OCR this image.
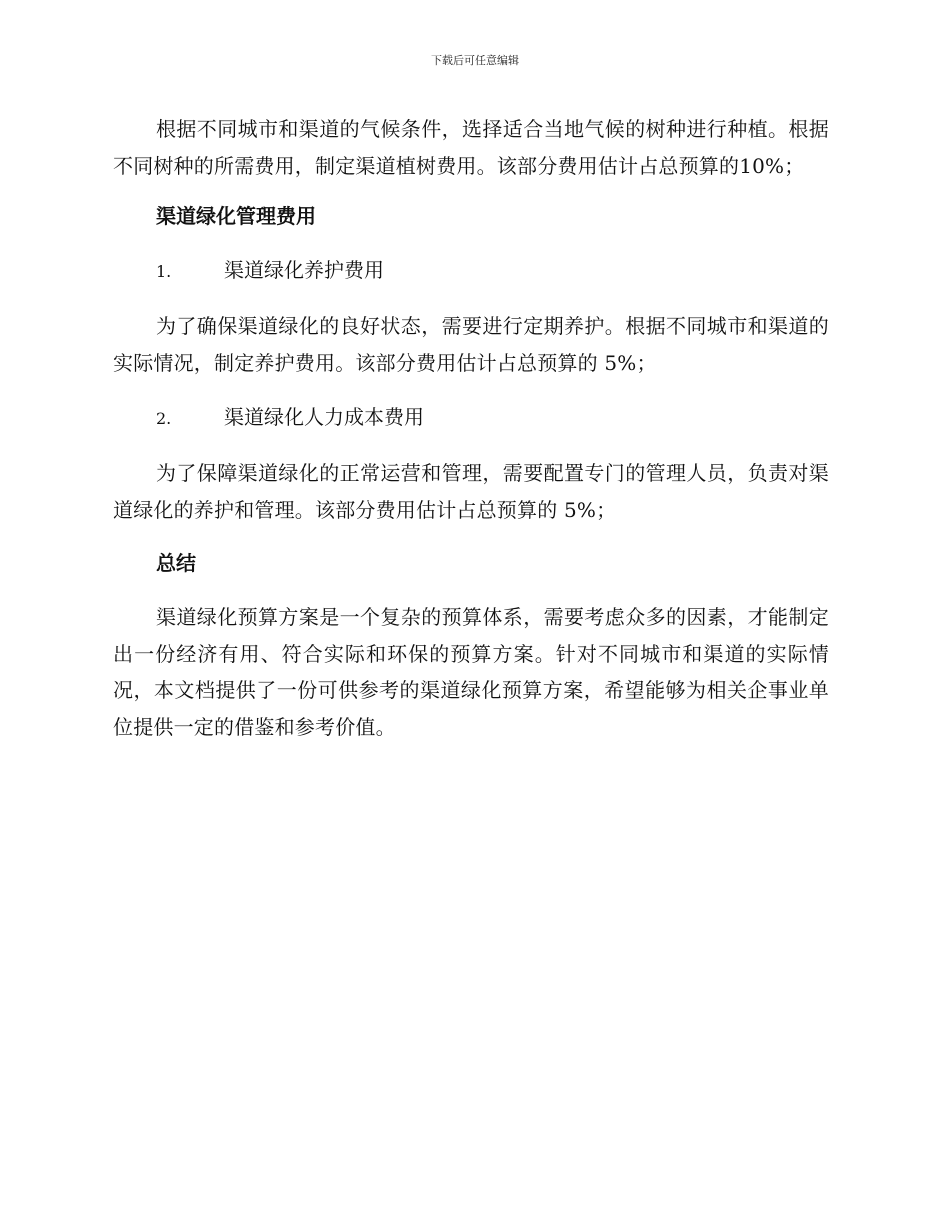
下载后可任意编辑

根据不同城市和渠道的气候条件，选择适合当地气候的树种进行种植。根据不同树种的所需费用，制定渠道植树费用。该部分费用估计占总预算的10%；

渠道绿化管理费用
1.	渠道绿化养护费用

为了确保渠道绿化的良好状态，需要进行定期养护。根据不同城市和渠道的实际情况，制定养护费用。该部分费用估计占总预算的 5%；

2.	渠道绿化人力成本费用

为了保障渠道绿化的正常运营和管理，需要配置专门的管理人员，负责对渠道绿化的养护和管理。该部分费用估计占总预算的 5%；

总结

渠道绿化预算方案是一个复杂的预算体系，需要考虑众多的因素，才能制定出一份经济有用、符合实际和环保的预算方案。针对不同城市和渠道的实际情况，本文档提供了一份可供参考的渠道绿化预算方案，希望能够为相关企事业单位提供一定的借鉴和参考价值。
